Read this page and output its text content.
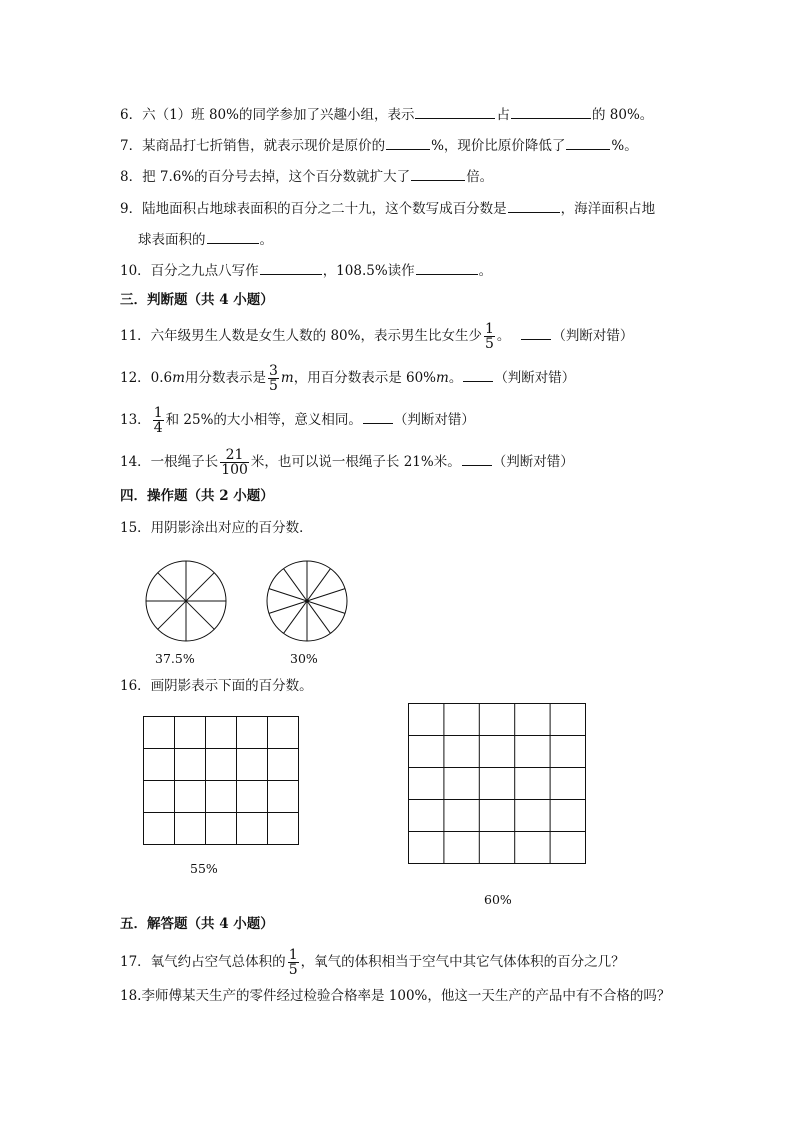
6．六（1）班 80%的同学参加了兴趣小组，表示	占	的 80%。
7．某商品打七折销售，就表示现价是原价的	%，现价比原价降低了	%。
8．把 7.6%的百分号去掉，这个百分数就扩大了	倍。
9．陆地面积占地球表面积的百分之二十九，这个数写成百分数是	，海洋面积占地
球表面积的	。
10．百分之九点八写作	，108.5%读作	。
三．判断题（共 4 小题）
11．六年级男生人数是女生人数的 80%，表示男生比女生少 $\frac{1}{5}$ 。	（判断对错）
12．0.6m用分数表示是 $\frac{3}{5}$ m，用百分数表示是 60%m。 （判断对错）
13． $\frac{1}{4}$ 和 25%的大小相等，意义相同。 （判断对错）
14．一根绳子长 $\frac{21}{100}$ 米，也可以说一根绳子长 21%米。 （判断对错）
四．操作题（共 2 小题）
15．用阴影涂出对应的百分数．
37.5%	30%
16．画阴影表示下面的百分数。
55%
60%
五．解答题（共 4 小题）
17．氧气约占空气总体积的 $\frac{1}{5}$ ，氧气的体积相当于空气中其它气体体积的百分之几？
18.李师傅某天生产的零件经过检验合格率是 100%，他这一天生产的产品中有不合格的吗？
